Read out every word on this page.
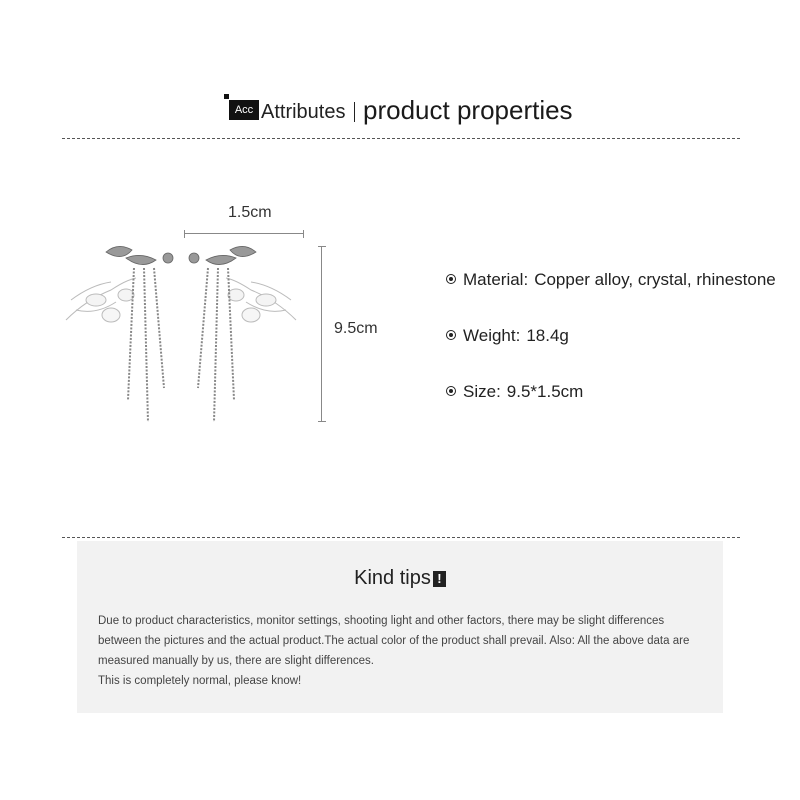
Acc Attributes product properties
1.5cm
9.5cm
Material: Copper alloy, crystal, rhinestone
Weight: 18.4g
Size: 9.5*1.5cm
Kind tips !

Due to product characteristics, monitor settings, shooting light and other factors, there may be slight differences between the pictures and the actual product.The actual color of the product shall prevail. Also: All the above data are measured manually by us, there are slight differences.

This is completely normal, please know!
